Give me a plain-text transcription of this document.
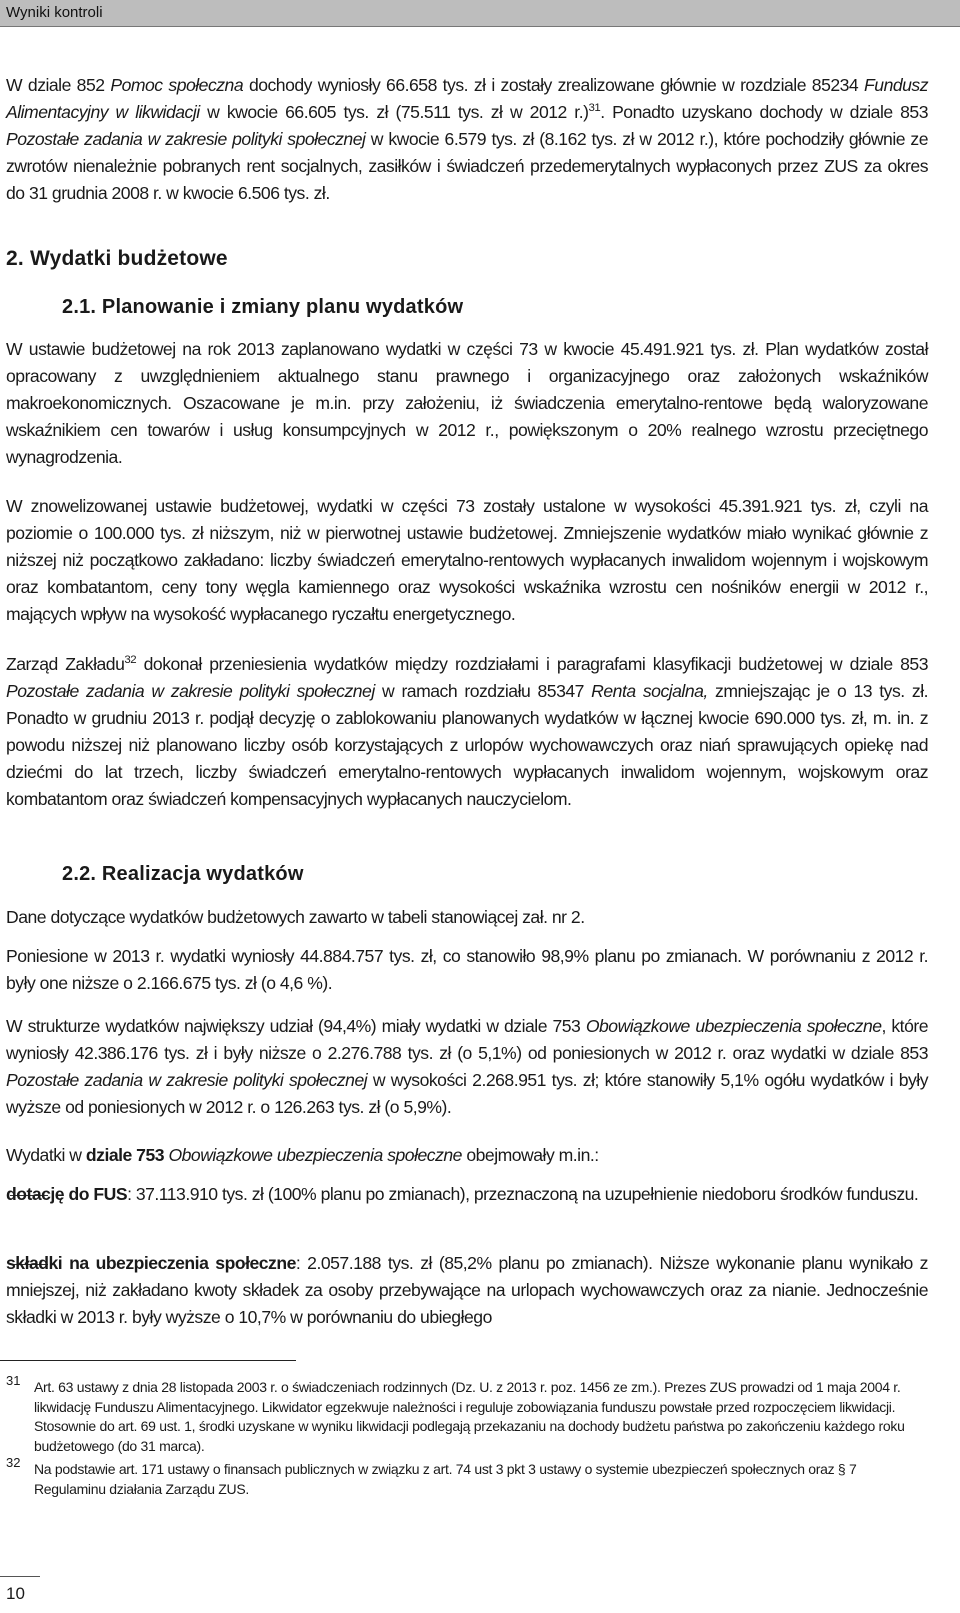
Wyniki kontroli

W dziale 852 Pomoc społeczna dochody wyniosły 66.658 tys. zł i zostały zrealizowane głównie w rozdziale 85234 Fundusz Alimentacyjny w likwidacji w kwocie 66.605 tys. zł (75.511 tys. zł w 2012 r.)$^{31}$. Ponadto uzyskano dochody w dziale 853 Pozostałe zadania w zakresie polityki społecznej w kwocie 6.579 tys. zł (8.162 tys. zł w 2012 r.), które pochodziły głównie ze zwrotów nienależnie pobranych rent socjalnych, zasiłków i świadczeń przedemerytalnych wypłaconych przez ZUS za okres do 31 grudnia 2008 r. w kwocie 6.506 tys. zł.

2. Wydatki budżetowe
2.1. Planowanie i zmiany planu wydatków

W ustawie budżetowej na rok 2013 zaplanowano wydatki w części 73 w kwocie 45.491.921 tys. zł. Plan wydatków został opracowany z uwzględnieniem aktualnego stanu prawnego i organizacyjnego oraz założonych wskaźników makroekonomicznych. Oszacowane je m.in. przy założeniu, iż świadczenia emerytalno-rentowe będą waloryzowane wskaźnikiem cen towarów i usług konsumpcyjnych w 2012 r., powiększonym o 20% realnego wzrostu przeciętnego wynagrodzenia.

W znowelizowanej ustawie budżetowej, wydatki w części 73 zostały ustalone w wysokości 45.391.921 tys. zł, czyli na poziomie o 100.000 tys. zł niższym, niż w pierwotnej ustawie budżetowej. Zmniejszenie wydatków miało wynikać głównie z niższej niż początkowo zakładano: liczby świadczeń emerytalno-rentowych wypłacanych inwalidom wojennym i wojskowym oraz kombatantom, ceny tony węgla kamiennego oraz wysokości wskaźnika wzrostu cen nośników energii w 2012 r., mających wpływ na wysokość wypłacanego ryczałtu energetycznego.

Zarząd Zakładu$^{32}$ dokonał przeniesienia wydatków między rozdziałami i paragrafami klasyfikacji budżetowej w dziale 853 Pozostałe zadania w zakresie polityki społecznej w ramach rozdziału 85347 Renta socjalna, zmniejszając je o 13 tys. zł. Ponadto w grudniu 2013 r. podjął decyzję o zablokowaniu planowanych wydatków w łącznej kwocie 690.000 tys. zł, m. in. z powodu niższej niż planowano liczby osób korzystających z urlopów wychowawczych oraz niań sprawujących opiekę nad dziećmi do lat trzech, liczby świadczeń emerytalno-rentowych wypłacanych inwalidom wojennym, wojskowym oraz kombatantom oraz świadczeń kompensacyjnych wypłacanych nauczycielom.

2.2. Realizacja wydatków

Dane dotyczące wydatków budżetowych zawarto w tabeli stanowiącej zał. nr 2.

Poniesione w 2013 r. wydatki wyniosły 44.884.757 tys. zł, co stanowiło 98,9% planu po zmianach. W porównaniu z 2012 r. były one niższe o 2.166.675 tys. zł (o 4,6 %).

W strukturze wydatków największy udział (94,4%) miały wydatki w dziale 753 Obowiązkowe ubezpieczenia społeczne, które wyniosły 42.386.176 tys. zł i były niższe o 2.276.788 tys. zł (o 5,1%) od poniesionych w 2012 r. oraz wydatki w dziale 853 Pozostałe zadania w zakresie polityki społecznej w wysokości 2.268.951 tys. zł; które stanowiły 5,1% ogółu wydatków i były wyższe od poniesionych w 2012 r. o 126.263 tys. zł (o 5,9%).

Wydatki w dziale 753 Obowiązkowe ubezpieczenia społeczne obejmowały m.in.:

dotację do FUS: 37.113.910 tys. zł (100% planu po zmianach), przeznaczoną na uzupełnienie niedoboru środków funduszu.

składki na ubezpieczenia społeczne: 2.057.188 tys. zł (85,2% planu po zmianach). Niższe wykonanie planu wynikało z mniejszej, niż zakładano kwoty składek za osoby przebywające na urlopach wychowawczych oraz za nianie. Jednocześnie składki w 2013 r. były wyższe o 10,7% w porównaniu do ubiegłego

31 Art. 63 ustawy z dnia 28 listopada 2003 r. o świadczeniach rodzinnych (Dz. U. z 2013 r. poz. 1456 ze zm.). Prezes ZUS prowadzi od 1 maja 2004 r. likwidację Funduszu Alimentacyjnego. Likwidator egzekwuje należności i reguluje zobowiązania funduszu powstałe przed rozpoczęciem likwidacji. Stosownie do art. 69 ust. 1, środki uzyskane w wyniku likwidacji podlegają przekazaniu na dochody budżetu państwa po zakończeniu każdego roku budżetowego (do 31 marca).

32 Na podstawie art. 171 ustawy o finansach publicznych w związku z art. 74 ust 3 pkt 3 ustawy o systemie ubezpieczeń społecznych oraz § 7 Regulaminu działania Zarządu ZUS.

10
